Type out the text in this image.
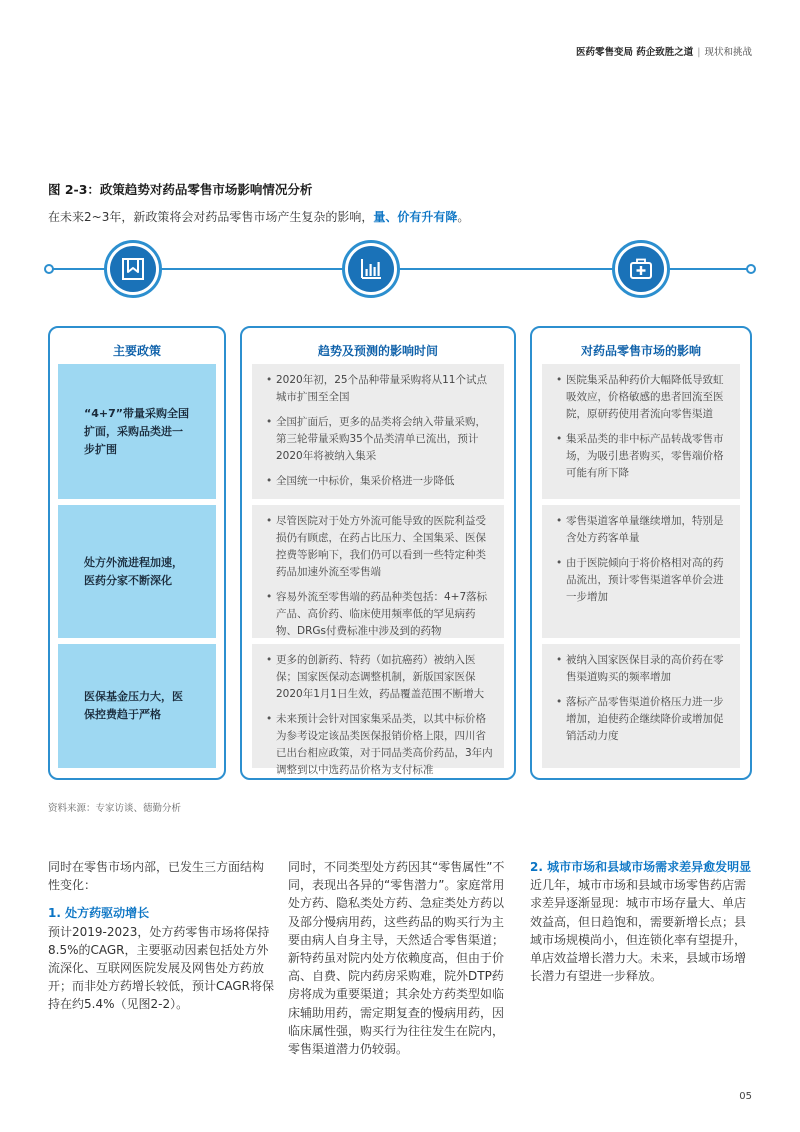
医药零售变局 药企致胜之道 | 现状和挑战
图 2-3：政策趋势对药品零售市场影响情况分析
在未来2~3年，新政策将会对药品零售市场产生复杂的影响，量、价有升有降。
主要政策
“4+7”带量采购全国扩面，采购品类进一步扩围
处方外流进程加速，医药分家不断深化
医保基金压力大，医保控费趋于严格
趋势及预测的影响时间
• 2020年初，25个品种带量采购将从11个试点城市扩围至全国
• 全国扩面后，更多的品类将会纳入带量采购，第三轮带量采购35个品类清单已流出，预计2020年将被纳入集采
• 全国统一中标价，集采价格进一步降低
• 尽管医院对于处方外流可能导致的医院利益受损仍有顾虑，在药占比压力、全国集采、医保控费等影响下，我们仍可以看到一些特定种类药品加速外流至零售端
• 容易外流至零售端的药品种类包括：4+7落标产品、高价药、临床使用频率低的罕见病药物、DRGs付费标准中涉及到的药物
• 更多的创新药、特药（如抗癌药）被纳入医保；国家医保动态调整机制，新版国家医保2020年1月1日生效，药品覆盖范围不断增大
• 未来预计会针对国家集采品类，以其中标价格为参考设定该品类医保报销价格上限，四川省已出台相应政策，对于同品类高价药品，3年内调整到以中选药品价格为支付标准
对药品零售市场的影响
• 医院集采品种药价大幅降低导致虹吸效应，价格敏感的患者回流至医院，原研药使用者流向零售渠道
• 集采品类的非中标产品转战零售市场，为吸引患者购买，零售端价格可能有所下降
• 零售渠道客单量继续增加，特别是含处方药客单量
• 由于医院倾向于将价格相对高的药品流出，预计零售渠道客单价会进一步增加
• 被纳入国家医保目录的高价药在零售渠道购买的频率增加
• 落标产品零售渠道价格压力进一步增加，迫使药企继续降价或增加促销活动力度
资料来源：专家访谈、德勤分析

同时在零售市场内部，已发生三方面结构性变化：

1. 处方药驱动增长

预计2019-2023，处方药零售市场将保持8.5%的CAGR，主要驱动因素包括处方外流深化、互联网医院发展及网售处方药放开；而非处方药增长较低，预计CAGR将保持在约5.4%（见图2-2）。

同时，不同类型处方药因其“零售属性”不同，表现出各异的“零售潜力”。家庭常用处方药、隐私类处方药、急症类处方药以及部分慢病用药，这些药品的购买行为主要由病人自身主导，天然适合零售渠道；新特药虽对院内处方依赖度高，但由于价高、自费、院内药房采购难，院外DTP药房将成为重要渠道；其余处方药类型如临床辅助用药，需定期复查的慢病用药，因临床属性强，购买行为往往发生在院内，零售渠道潜力仍较弱。

2. 城市市场和县域市场需求差异愈发明显

近几年，城市市场和县域市场零售药店需求差异逐渐显现：城市市场存量大、单店效益高，但日趋饱和，需要新增长点；县域市场规模尚小，但连锁化率有望提升，单店效益增长潜力大。未来，县域市场增长潜力有望进一步释放。

05
